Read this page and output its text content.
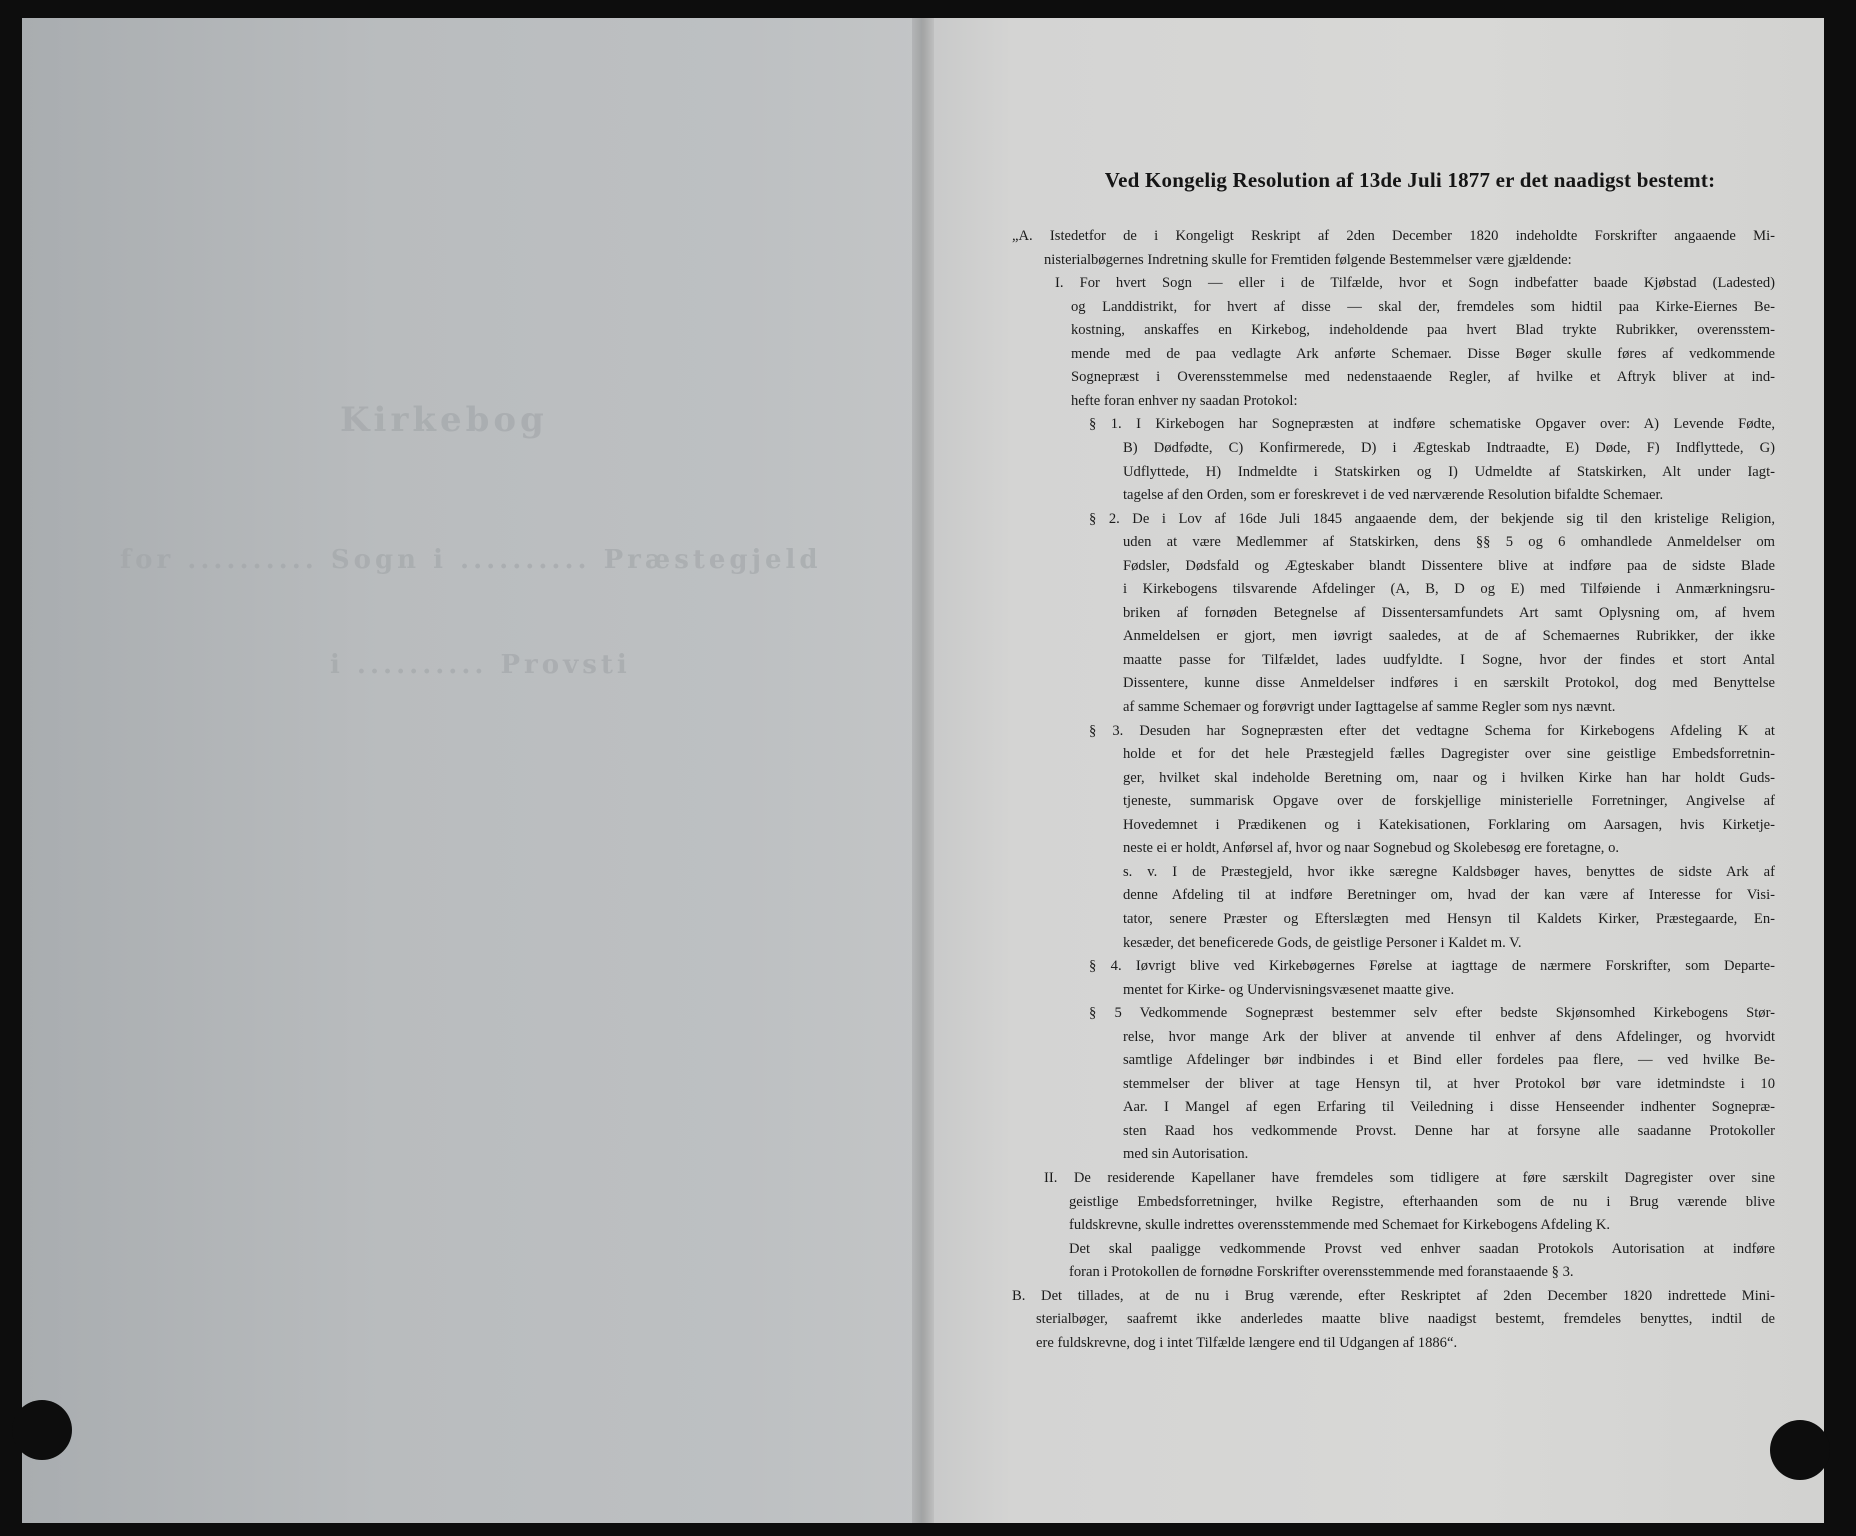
Kirkebog
for .......... Sogn i .......... Præstegjeld
i .......... Provsti
Ved Kongelig Resolution af 13de Juli 1877 er det naadigst bestemt:
„A. Istedetfor de i Kongeligt Reskript af 2den December 1820 indeholdte Forskrifter angaaende Mi-
nisterialbøgernes Indretning skulle for Fremtiden følgende Bestemmelser være gjældende:
I. For hvert Sogn — eller i de Tilfælde, hvor et Sogn indbefatter baade Kjøbstad (Ladested)
og Landdistrikt, for hvert af disse — skal der, fremdeles som hidtil paa Kirke-Eiernes Be-
kostning, anskaffes en Kirkebog, indeholdende paa hvert Blad trykte Rubrikker, overensstem-
mende med de paa vedlagte Ark anførte Schemaer. Disse Bøger skulle føres af vedkommende
Sognepræst i Overensstemmelse med nedenstaaende Regler, af hvilke et Aftryk bliver at ind-
hefte foran enhver ny saadan Protokol:
§ 1. I Kirkebogen har Sognepræsten at indføre schematiske Opgaver over: A) Levende Fødte,
B) Dødfødte, C) Konfirmerede, D) i Ægteskab Indtraadte, E) Døde, F) Indflyttede, G)
Udflyttede, H) Indmeldte i Statskirken og I) Udmeldte af Statskirken, Alt under Iagt-
tagelse af den Orden, som er foreskrevet i de ved nærværende Resolution bifaldte Schemaer.
§ 2. De i Lov af 16de Juli 1845 angaaende dem, der bekjende sig til den kristelige Religion,
uden at være Medlemmer af Statskirken, dens §§ 5 og 6 omhandlede Anmeldelser om
Fødsler, Dødsfald og Ægteskaber blandt Dissentere blive at indføre paa de sidste Blade
i Kirkebogens tilsvarende Afdelinger (A, B, D og E) med Tilføiende i Anmærkningsru-
briken af fornøden Betegnelse af Dissentersamfundets Art samt Oplysning om, af hvem
Anmeldelsen er gjort, men iøvrigt saaledes, at de af Schemaernes Rubrikker, der ikke
maatte passe for Tilfældet, lades uudfyldte. I Sogne, hvor der findes et stort Antal
Dissentere, kunne disse Anmeldelser indføres i en særskilt Protokol, dog med Benyttelse
af samme Schemaer og forøvrigt under Iagttagelse af samme Regler som nys nævnt.
§ 3. Desuden har Sognepræsten efter det vedtagne Schema for Kirkebogens Afdeling K at
holde et for det hele Præstegjeld fælles Dagregister over sine geistlige Embedsforretnin-
ger, hvilket skal indeholde Beretning om, naar og i hvilken Kirke han har holdt Guds-
tjeneste, summarisk Opgave over de forskjellige ministerielle Forretninger, Angivelse af
Hovedemnet i Prædikenen og i Katekisationen, Forklaring om Aarsagen, hvis Kirketje-
neste ei er holdt, Anførsel af, hvor og naar Sognebud og Skolebesøg ere foretagne, o.
s. v. I de Præstegjeld, hvor ikke særegne Kaldsbøger haves, benyttes de sidste Ark af
denne Afdeling til at indføre Beretninger om, hvad der kan være af Interesse for Visi-
tator, senere Præster og Efterslægten med Hensyn til Kaldets Kirker, Præstegaarde, En-
kesæder, det beneficerede Gods, de geistlige Personer i Kaldet m. V.
§ 4. Iøvrigt blive ved Kirkebøgernes Førelse at iagttage de nærmere Forskrifter, som Departe-
mentet for Kirke- og Undervisningsvæsenet maatte give.
§ 5 Vedkommende Sognepræst bestemmer selv efter bedste Skjønsomhed Kirkebogens Stør-
relse, hvor mange Ark der bliver at anvende til enhver af dens Afdelinger, og hvorvidt
samtlige Afdelinger bør indbindes i et Bind eller fordeles paa flere, — ved hvilke Be-
stemmelser der bliver at tage Hensyn til, at hver Protokol bør vare idetmindste i 10
Aar. I Mangel af egen Erfaring til Veiledning i disse Henseender indhenter Sognepræ-
sten Raad hos vedkommende Provst. Denne har at forsyne alle saadanne Protokoller
med sin Autorisation.
II. De residerende Kapellaner have fremdeles som tidligere at føre særskilt Dagregister over sine
geistlige Embedsforretninger, hvilke Registre, efterhaanden som de nu i Brug værende blive
fuldskrevne, skulle indrettes overensstemmende med Schemaet for Kirkebogens Afdeling K.
Det skal paaligge vedkommende Provst ved enhver saadan Protokols Autorisation at indføre
foran i Protokollen de fornødne Forskrifter overensstemmende med foranstaaende § 3.
B. Det tillades, at de nu i Brug værende, efter Reskriptet af 2den December 1820 indrettede Mini-
sterialbøger, saafremt ikke anderledes maatte blive naadigst bestemt, fremdeles benyttes, indtil de
ere fuldskrevne, dog i intet Tilfælde længere end til Udgangen af 1886“.
